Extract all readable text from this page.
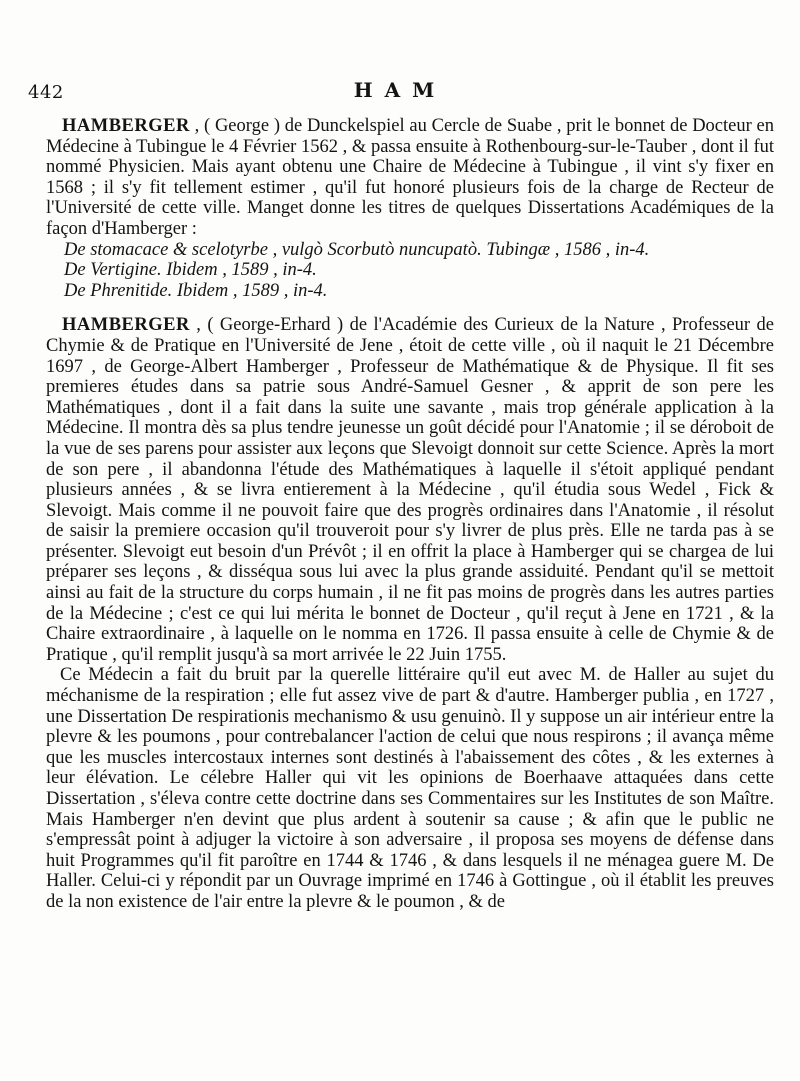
442	HAM

HAMBERGER , ( George ) de Dunckelspiel au Cercle de Suabe , prit le bonnet de Docteur en Médecine à Tubingue le 4 Février 1562 , & passa ensuite à Rothenbourg-sur-le-Tauber , dont il fut nommé Physicien. Mais ayant obtenu une Chaire de Médecine à Tubingue , il vint s'y fixer en 1568 ; il s'y fit tellement estimer , qu'il fut honoré plusieurs fois de la charge de Recteur de l'Université de cette ville. Manget donne les titres de quelques Dissertations Académiques de la façon d'Hamberger :

De stomacace & scelotyrbe , vulgò Scorbutò nuncupatò. Tubingæ , 1586 , in-4.
De Vertigine. Ibidem , 1589 , in-4.
De Phrenitide. Ibidem , 1589 , in-4.

HAMBERGER , ( George-Erhard ) de l'Académie des Curieux de la Nature , Professeur de Chymie & de Pratique en l'Université de Jene , étoit de cette ville , où il naquit le 21 Décembre 1697 , de George-Albert Hamberger , Professeur de Mathématique & de Physique. Il fit ses premieres études dans sa patrie sous André-Samuel Gesner , & apprit de son pere les Mathématiques , dont il a fait dans la suite une savante , mais trop générale application à la Médecine. Il montra dès sa plus tendre jeunesse un goût décidé pour l'Anatomie ; il se déroboit de la vue de ses parens pour assister aux leçons que Slevoigt donnoit sur cette Science. Après la mort de son pere , il abandonna l'étude des Mathématiques à laquelle il s'étoit appliqué pendant plusieurs années , & se livra entierement à la Médecine , qu'il étudia sous Wedel , Fick & Slevoigt. Mais comme il ne pouvoit faire que des progrès ordinaires dans l'Anatomie , il résolut de saisir la premiere occasion qu'il trouveroit pour s'y livrer de plus près. Elle ne tarda pas à se présenter. Slevoigt eut besoin d'un Prévôt ; il en offrit la place à Hamberger qui se chargea de lui préparer ses leçons , & disséqua sous lui avec la plus grande assiduité. Pendant qu'il se mettoit ainsi au fait de la structure du corps humain , il ne fit pas moins de progrès dans les autres parties de la Médecine ; c'est ce qui lui mérita le bonnet de Docteur , qu'il reçut à Jene en 1721 , & la Chaire extraordinaire , à laquelle on le nomma en 1726. Il passa ensuite à celle de Chymie & de Pratique , qu'il remplit jusqu'à sa mort arrivée le 22 Juin 1755.

Ce Médecin a fait du bruit par la querelle littéraire qu'il eut avec M. de Haller au sujet du méchanisme de la respiration ; elle fut assez vive de part & d'autre. Hamberger publia , en 1727 , une Dissertation De respirationis mechanismo & usu genuinò. Il y suppose un air intérieur entre la plevre & les poumons , pour contrebalancer l'action de celui que nous respirons ; il avança même que les muscles intercostaux internes sont destinés à l'abaissement des côtes , & les externes à leur élévation. Le célebre Haller qui vit les opinions de Boerhaave attaquées dans cette Dissertation , s'éleva contre cette doctrine dans ses Commentaires sur les Institutes de son Maître. Mais Hamberger n'en devint que plus ardent à soutenir sa cause ; & afin que le public ne s'empressât point à adjuger la victoire à son adversaire , il proposa ses moyens de défense dans huit Programmes qu'il fit paroître en 1744 & 1746 , & dans lesquels il ne ménagea guere M. De Haller. Celui-ci y répondit par un Ouvrage imprimé en 1746 à Gottingue , où il établit les preuves de la non existence de l'air entre la plevre & le poumon , & de
